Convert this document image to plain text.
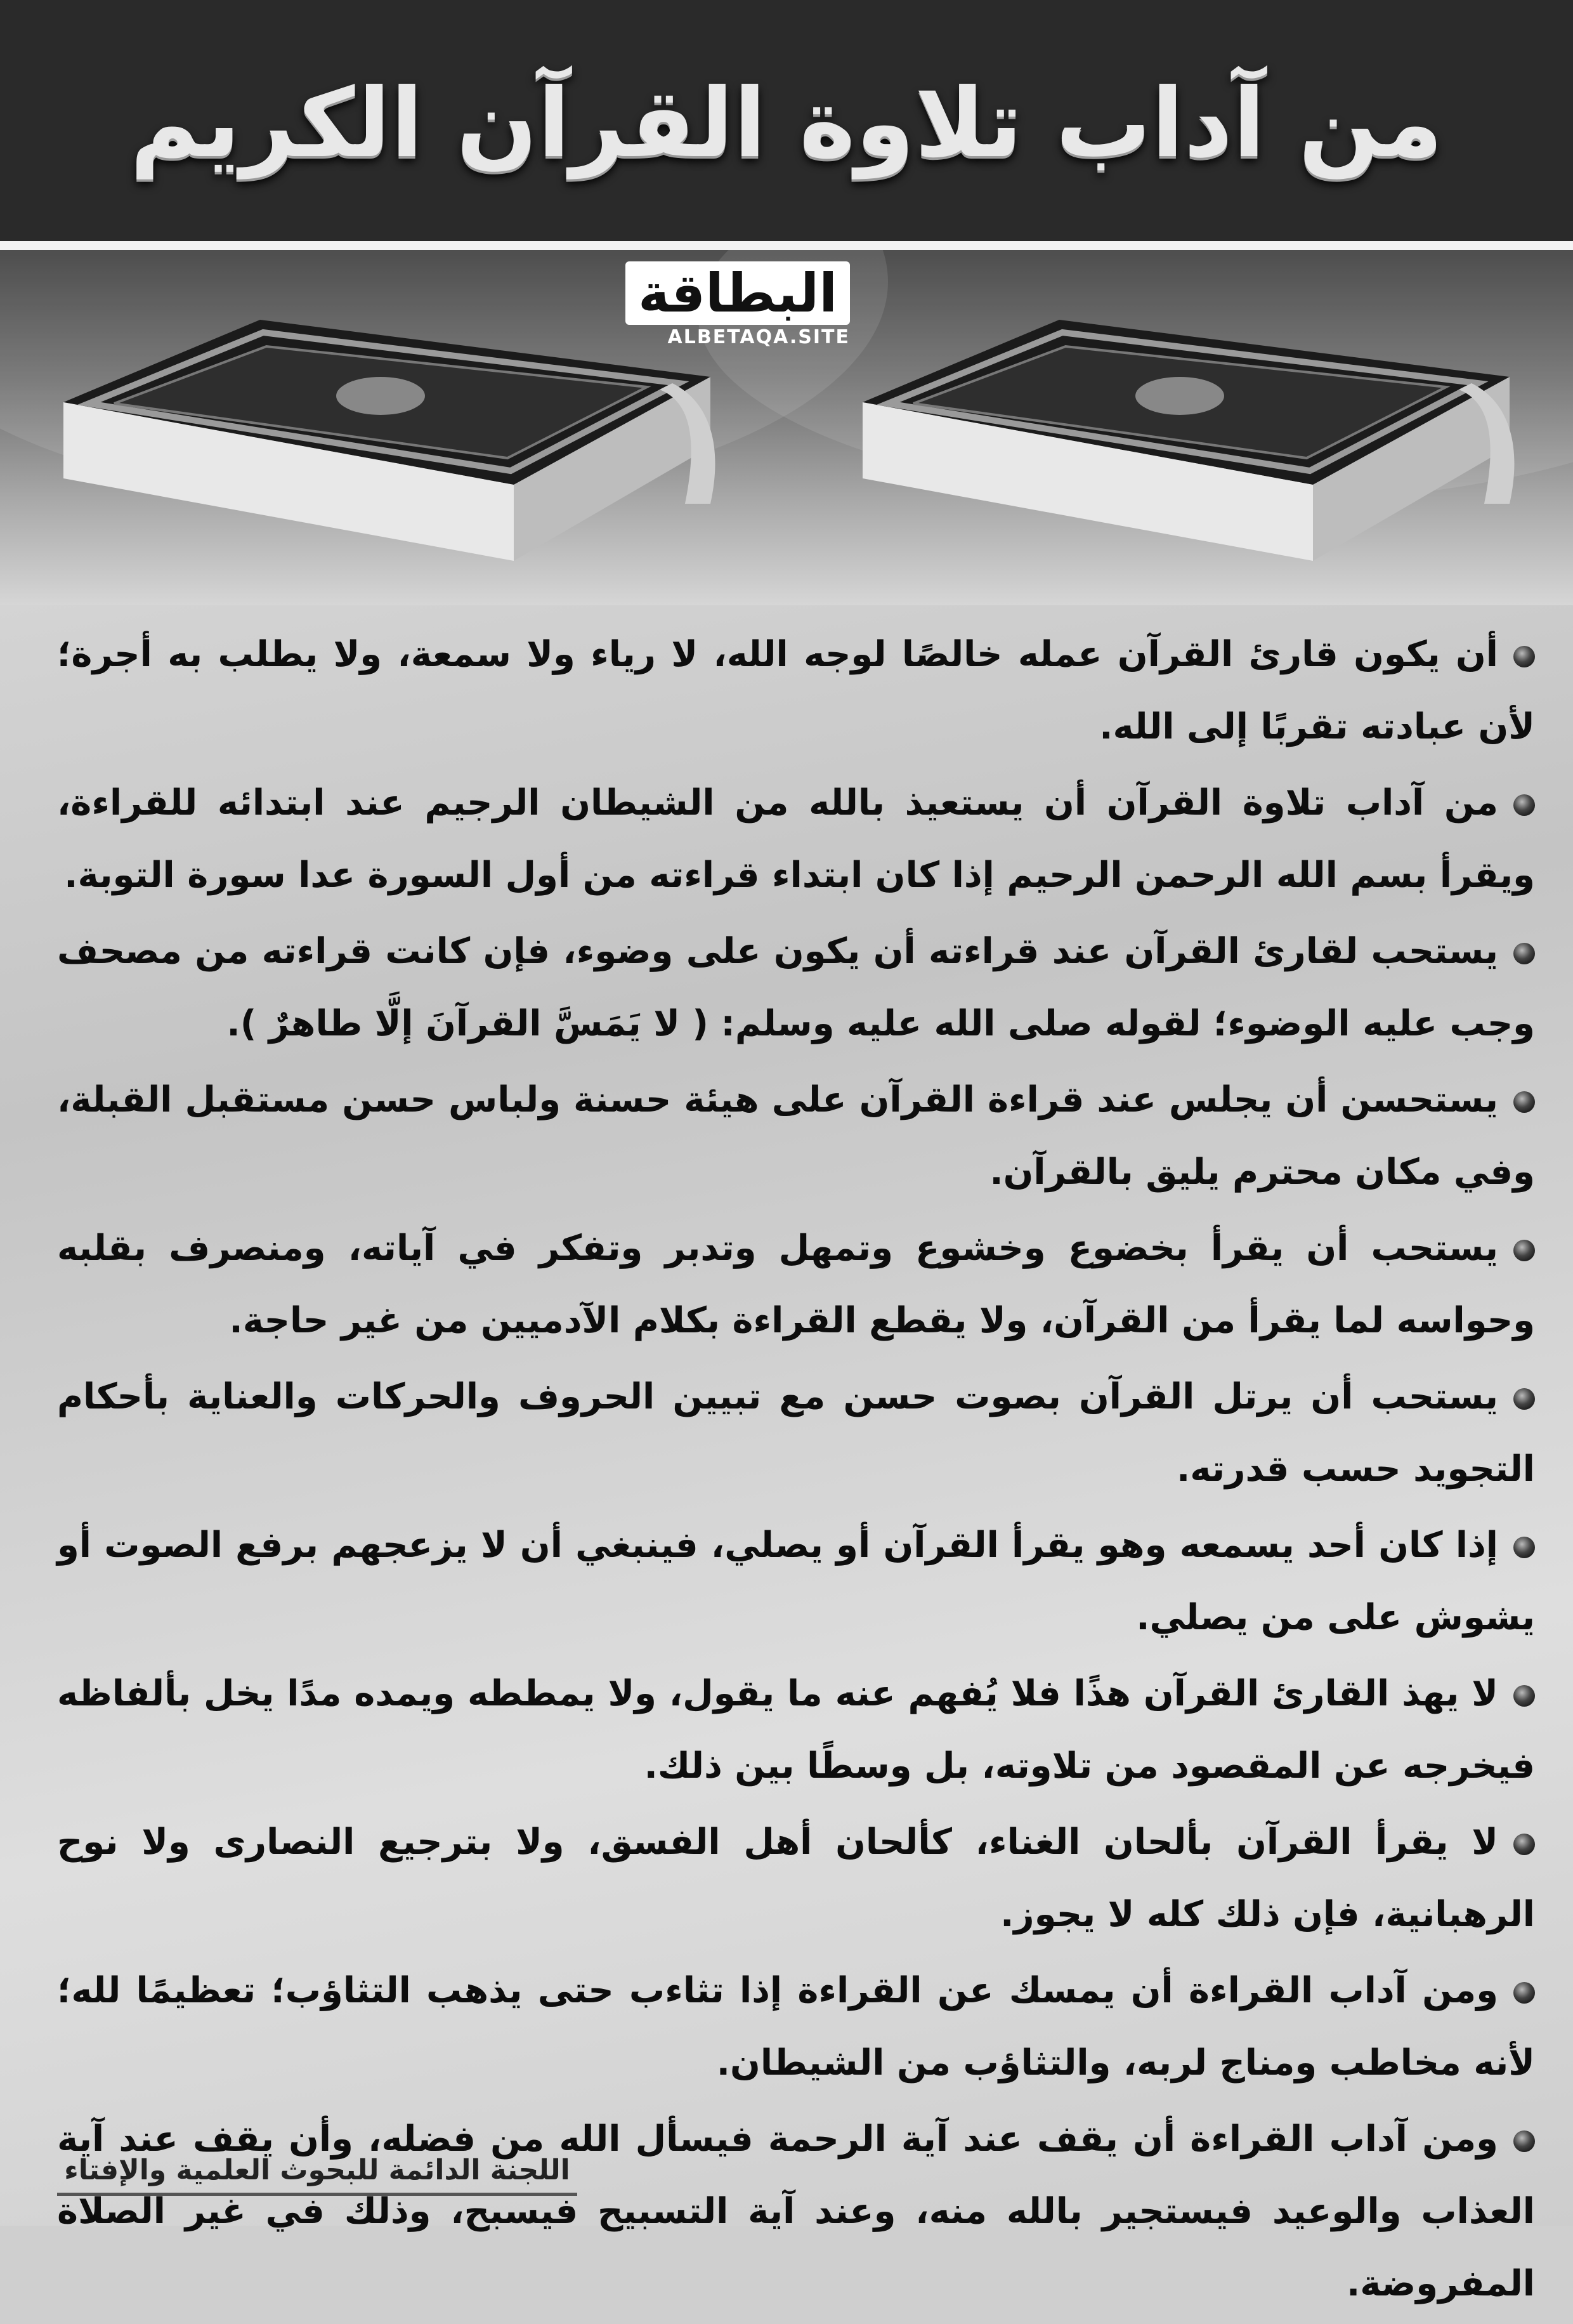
من آداب تلاوة القرآن الكريم
البطاقة
ALBETAQA.SITE

أن يكون قارئ القرآن عمله خالصًا لوجه الله، لا رياء ولا سمعة، ولا يطلب به أجرة؛ لأن عبادته تقربًا إلى الله.

من آداب تلاوة القرآن أن يستعيذ بالله من الشيطان الرجيم عند ابتدائه للقراءة، ويقرأ بسم الله الرحمن الرحيم إذا كان ابتداء قراءته من أول السورة عدا سورة التوبة.

يستحب لقارئ القرآن عند قراءته أن يكون على وضوء، فإن كانت قراءته من مصحف وجب عليه الوضوء؛ لقوله صلى الله عليه وسلم: ( لا يَمَسَّ القرآنَ إلَّا طاهرٌ ).

يستحسن أن يجلس عند قراءة القرآن على هيئة حسنة ولباس حسن مستقبل القبلة، وفي مكان محترم يليق بالقرآن.

يستحب أن يقرأ بخضوع وخشوع وتمهل وتدبر وتفكر في آياته، ومنصرف بقلبه وحواسه لما يقرأ من القرآن، ولا يقطع القراءة بكلام الآدميين من غير حاجة.

يستحب أن يرتل القرآن بصوت حسن مع تبيين الحروف والحركات والعناية بأحكام التجويد حسب قدرته.

إذا كان أحد يسمعه وهو يقرأ القرآن أو يصلي، فينبغي أن لا يزعجهم برفع الصوت أو يشوش على من يصلي.

لا يهذ القارئ القرآن هذًا فلا يُفهم عنه ما يقول، ولا يمططه ويمده مدًا يخل بألفاظه فيخرجه عن المقصود من تلاوته، بل وسطًا بين ذلك.

لا يقرأ القرآن بألحان الغناء، كألحان أهل الفسق، ولا بترجيع النصارى ولا نوح الرهبانية، فإن ذلك كله لا يجوز.

ومن آداب القراءة أن يمسك عن القراءة إذا تثاءب حتى يذهب التثاؤب؛ تعظيمًا لله؛ لأنه مخاطب ومناج لربه، والتثاؤب من الشيطان.

ومن آداب القراءة أن يقف عند آية الرحمة فيسأل الله من فضله، وأن يقف عند آية العذاب والوعيد فيستجير بالله منه، وعند آية التسبيح فيسبح، وذلك في غير الصلاة المفروضة.

اللجنة الدائمة للبحوث العلمية والإفتاء
